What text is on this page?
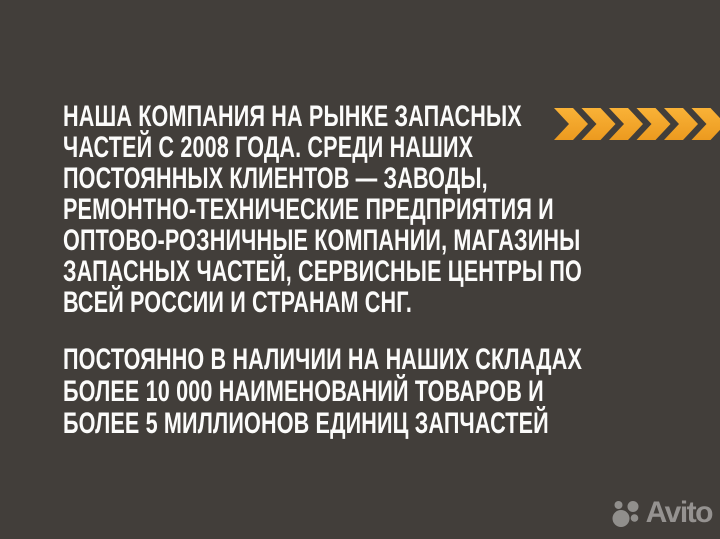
НАША КОМПАНИЯ НА РЫНКЕ ЗАПАСНЫХ
ЧАСТЕЙ С 2008 ГОДА. СРЕДИ НАШИХ
ПОСТОЯННЫХ КЛИЕНТОВ — ЗАВОДЫ,
РЕМОНТНО-ТЕХНИЧЕСКИЕ ПРЕДПРИЯТИЯ И
ОПТОВО-РОЗНИЧНЫЕ КОМПАНИИ, МАГАЗИНЫ
ЗАПАСНЫХ ЧАСТЕЙ, СЕРВИСНЫЕ ЦЕНТРЫ ПО
ВСЕЙ РОССИИ И СТРАНАМ СНГ.
ПОСТОЯННО В НАЛИЧИИ НА НАШИХ СКЛАДАХ
БОЛЕЕ 10 000 НАИМЕНОВАНИЙ ТОВАРОВ И
БОЛЕЕ 5 МИЛЛИОНОВ ЕДИНИЦ ЗАПЧАСТЕЙ
Avito
